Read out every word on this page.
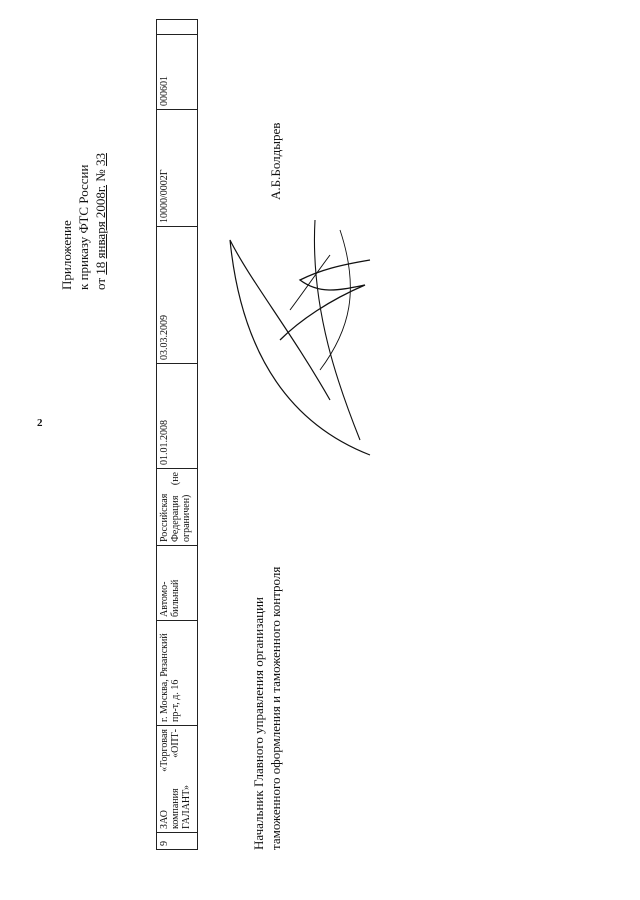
2
Приложение к приказу ФТС России от 18 января 2008г. № 33
9	ЗАО «Торговая компания «ОПТ-ГАЛАНТ»	г. Москва, Рязанский пр-т, д. 16	Автомо-бильный	Российская Федерация (не ограничен)	01.01.2008	03.03.2009	10000/0002Г	000601	
Начальник Главного управления организации таможенного оформления и таможенного контроля
А.Б.Болдырев
